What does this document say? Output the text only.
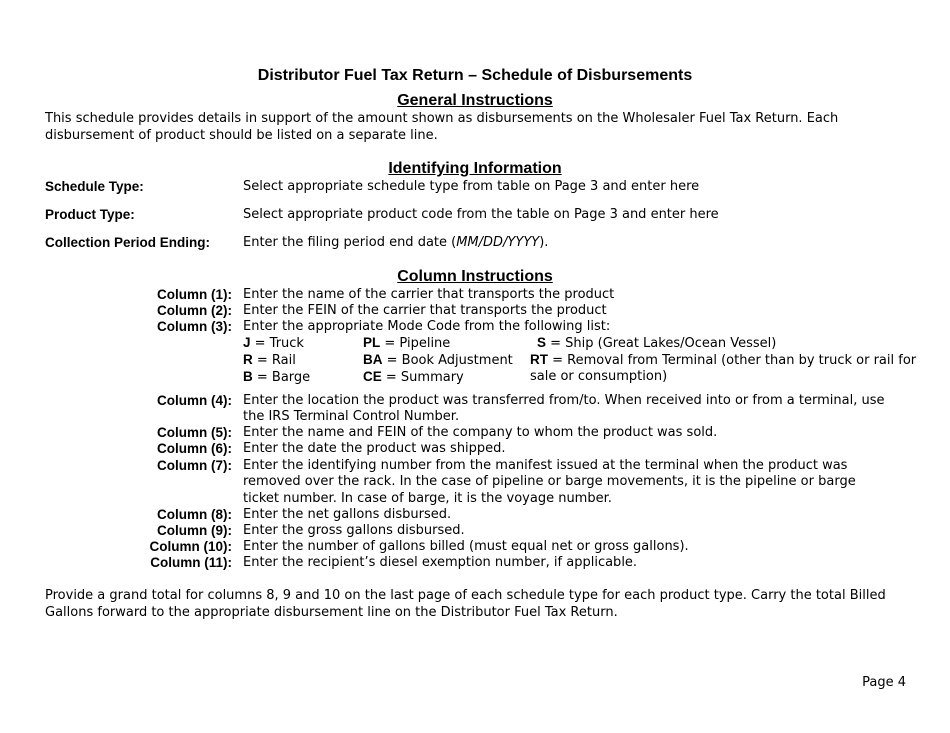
Distributor Fuel Tax Return – Schedule of Disbursements
General Instructions
This schedule provides details in support of the amount shown as disbursements on the Wholesaler Fuel Tax Return. Each disbursement of product should be listed on a separate line.
Identifying Information
Schedule Type:	Select appropriate schedule type from table on Page 3 and enter here
Product Type:	Select appropriate product code from the table on Page 3 and enter here
Collection Period Ending:	Enter the filing period end date (MM/DD/YYYY).
Column Instructions
Column (1): Enter the name of the carrier that transports the product
Column (2): Enter the FEIN of the carrier that transports the product
Column (3): Enter the appropriate Mode Code from the following list:
J = Truck	PL = Pipeline	S = Ship (Great Lakes/Ocean Vessel)
R = Rail	BA = Book Adjustment RT = Removal from Terminal (other than by truck or rail for
B = Barge	CE = Summary	sale or consumption)
Column (4): Enter the location the product was transferred from/to. When received into or from a terminal, use the IRS Terminal Control Number.
Column (5): Enter the name and FEIN of the company to whom the product was sold.
Column (6): Enter the date the product was shipped.
Column (7): Enter the identifying number from the manifest issued at the terminal when the product was removed over the rack. In the case of pipeline or barge movements, it is the pipeline or barge ticket number. In case of barge, it is the voyage number.
Column (8): Enter the net gallons disbursed.
Column (9): Enter the gross gallons disbursed.
Column (10): Enter the number of gallons billed (must equal net or gross gallons).
Column (11): Enter the recipient’s diesel exemption number, if applicable.
Provide a grand total for columns 8, 9 and 10 on the last page of each schedule type for each product type. Carry the total Billed Gallons forward to the appropriate disbursement line on the Distributor Fuel Tax Return.
Page 4
